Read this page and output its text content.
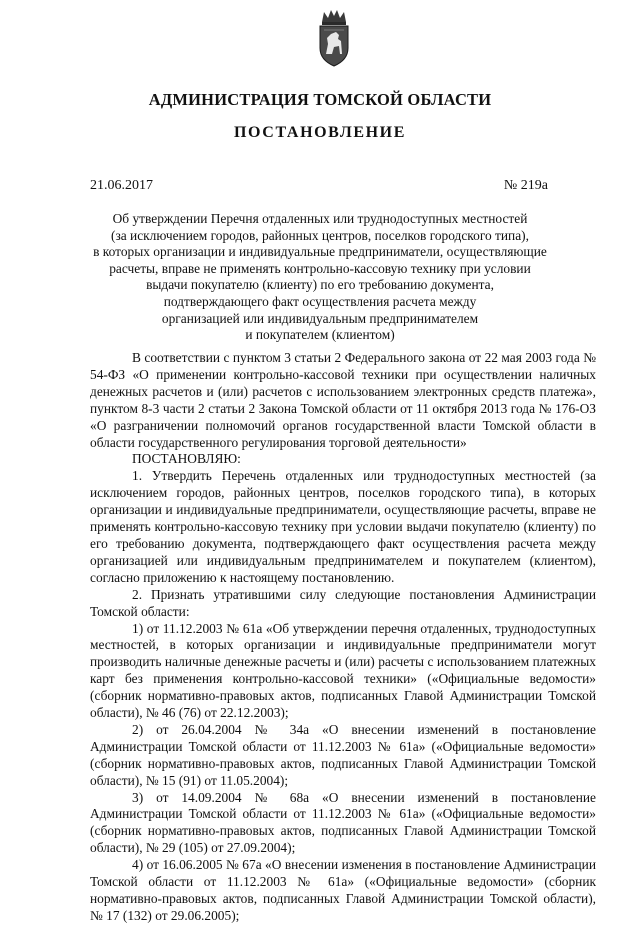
АДМИНИСТРАЦИЯ ТОМСКОЙ ОБЛАСТИ
ПОСТАНОВЛЕНИЕ
21.06.2017	№ 219а
Об утверждении Перечня отдаленных или труднодоступных местностей
(за исключением городов, районных центров, поселков городского типа),
в которых организации и индивидуальные предприниматели, осуществляющие
расчеты, вправе не применять контрольно-кассовую технику при условии
выдачи покупателю (клиенту) по его требованию документа,
подтверждающего факт осуществления расчета между
организацией или индивидуальным предпринимателем
и покупателем (клиентом)

В соответствии с пунктом 3 статьи 2 Федерального закона от 22 мая 2003 года № 54-ФЗ «О применении контрольно-кассовой техники при осуществлении наличных денежных расчетов и (или) расчетов с использованием электронных средств платежа», пунктом 8-3 части 2 статьи 2 Закона Томской области от 11 октября 2013 года № 176-ОЗ «О разграничении полномочий органов государственной власти Томской области в области государственного регулирования торговой деятельности»

ПОСТАНОВЛЯЮ:

1. Утвердить Перечень отдаленных или труднодоступных местностей (за исключением городов, районных центров, поселков городского типа), в которых организации и индивидуальные предприниматели, осуществляющие расчеты, вправе не применять контрольно-кассовую технику при условии выдачи покупателю (клиенту) по его требованию документа, подтверждающего факт осуществления расчета между организацией или индивидуальным предпринимателем и покупателем (клиентом), согласно приложению к настоящему постановлению.

2. Признать утратившими силу следующие постановления Администрации Томской области:

1) от 11.12.2003 № 61а «Об утверждении перечня отдаленных, труднодоступных местностей, в которых организации и индивидуальные предприниматели могут производить наличные денежные расчеты и (или) расчеты с использованием платежных карт без применения контрольно-кассовой техники» («Официальные ведомости» (сборник нормативно-правовых актов, подписанных Главой Администрации Томской области), № 46 (76) от 22.12.2003);

2) от 26.04.2004 № 34а «О внесении изменений в постановление Администрации Томской области от 11.12.2003 № 61а» («Официальные ведомости» (сборник нормативно-правовых актов, подписанных Главой Администрации Томской области), № 15 (91) от 11.05.2004);

3) от 14.09.2004 № 68а «О внесении изменений в постановление Администрации Томской области от 11.12.2003 № 61а» («Официальные ведомости» (сборник нормативно-правовых актов, подписанных Главой Администрации Томской области), № 29 (105) от 27.09.2004);

4) от 16.06.2005 № 67а «О внесении изменения в постановление Администрации Томской области от 11.12.2003 № 61а» («Официальные ведомости» (сборник нормативно-правовых актов, подписанных Главой Администрации Томской области), № 17 (132) от 29.06.2005);
